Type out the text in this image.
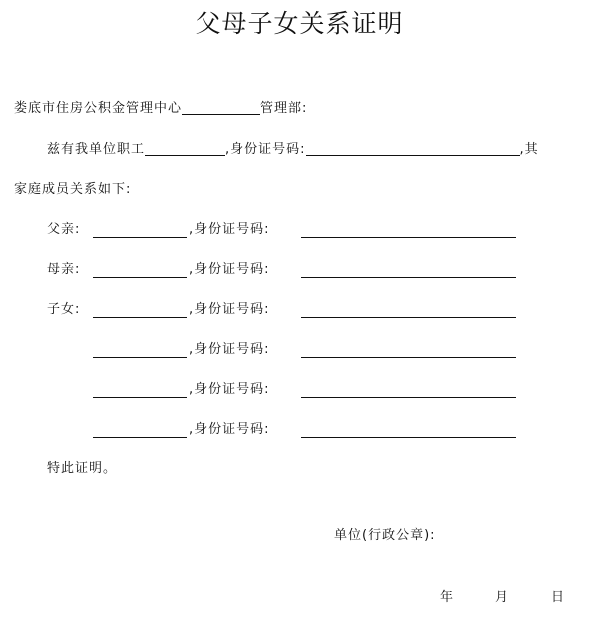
父母子女关系证明
娄底市住房公积金管理中心	管理部:
兹有我单位职工	,身份证号码:	,其
家庭成员关系如下:
父亲:	,身份证号码:
母亲:	,身份证号码:
子女:	,身份证号码:
,身份证号码:
,身份证号码:
,身份证号码:
特此证明。
单位(行政公章):
年	月	日
